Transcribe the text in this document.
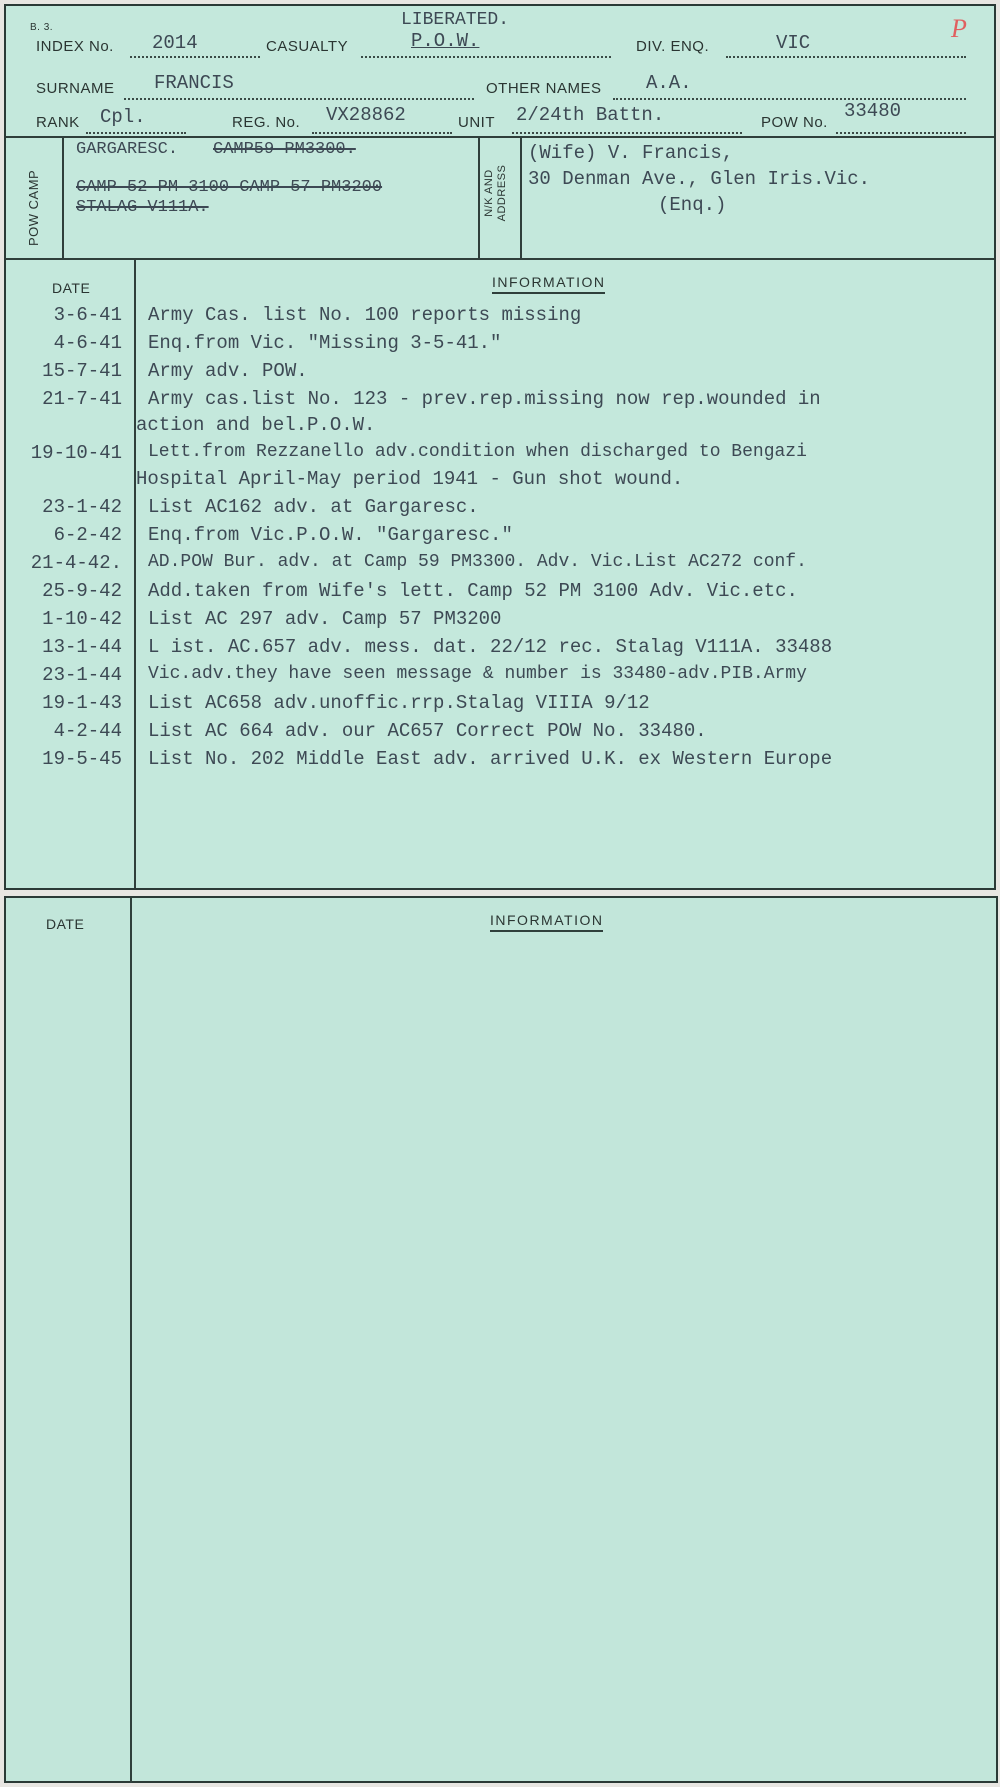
B. 3.	LIBERATED.	P
INDEX No. 2014	CASUALTY	P.O.W.	DIV. ENQ.	VIC
SURNAME FRANCIS	OTHER NAMES A.A.
RANK Cpl.	REG. No. VX28862	UNIT 2/24th Battn.	POW No.
33480
POW CAMP	N/K AND ADDRESS
GARGARESC. CAMP59 PM3300.
CAMP 52 PM 3100 CAMP 57 PM3200
STALAG V111A.
(Wife) V. Francis,
30 Denman Ave., Glen Iris.Vic.
(Enq.)
DATE	INFORMATION
3-6-41 Army Cas. list No. 100 reports missing
4-6-41 Enq.from Vic. "Missing 3-5-41."
15-7-41 Army adv. POW.
21-7-41 Army cas.list No. 123 - prev.rep.missing now rep.wounded in
action and bel.P.O.W.
19-10-41 Lett.from Rezzanello adv.condition when discharged to Bengazi
Hospital April-May period 1941 - Gun shot wound.
23-1-42 List AC162 adv. at Gargaresc.
6-2-42 Enq.from Vic.P.O.W. "Gargaresc."
21-4-42. AD.POW Bur. adv. at Camp 59 PM3300. Adv. Vic.List AC272 conf.
25-9-42 Add.taken from Wife's lett. Camp 52 PM 3100 Adv. Vic.etc.
1-10-42 List AC 297 adv. Camp 57 PM3200
13-1-44 L ist. AC.657 adv. mess. dat. 22/12 rec. Stalag V111A. 33488
23-1-44 Vic.adv.they have seen message & number is 33480-adv.PIB.Army
19-1-43 List AC658 adv.unoffic.rrp.Stalag VIIIA 9/12
4-2-44 List AC 664 adv. our AC657 Correct POW No. 33480.
19-5-45 List No. 202 Middle East adv. arrived U.K. ex Western Europe
DATE	INFORMATION
